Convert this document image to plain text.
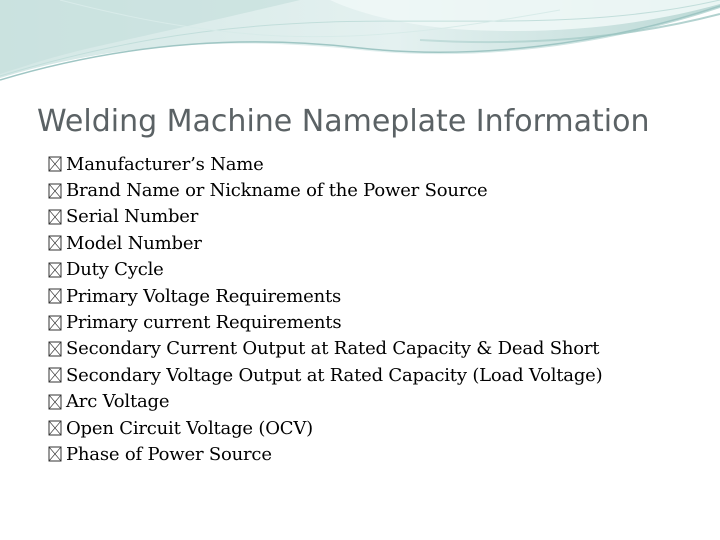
Welding Machine Nameplate Information
Manufacturer’s Name
Brand Name or Nickname of the Power Source
Serial Number
Model Number
Duty Cycle
Primary Voltage Requirements
Primary current Requirements
Secondary Current Output at Rated Capacity & Dead Short
Secondary Voltage Output at Rated Capacity (Load Voltage)
Arc Voltage
Open Circuit Voltage (OCV)
Phase of Power Source
